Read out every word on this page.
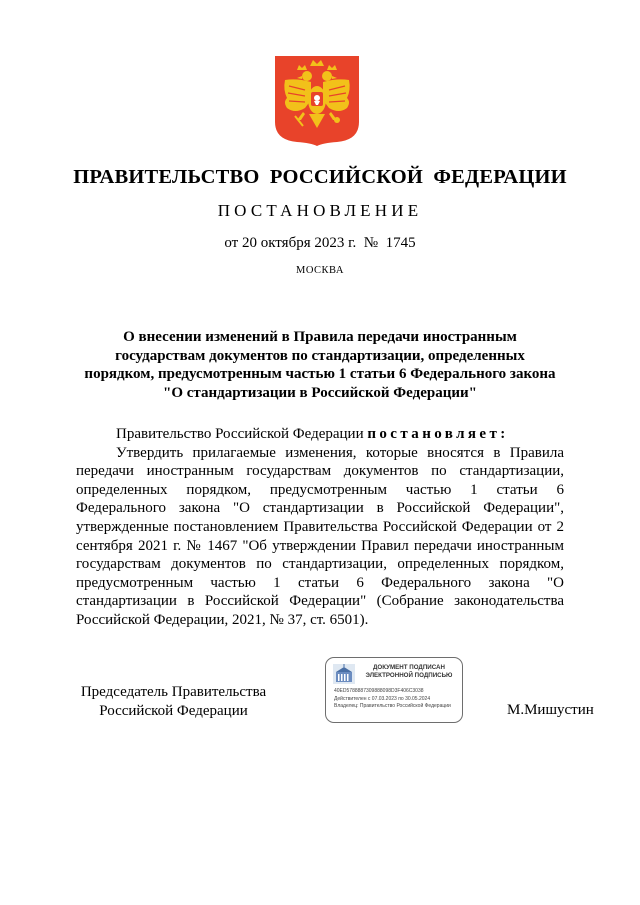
ПРАВИТЕЛЬСТВО РОССИЙСКОЙ ФЕДЕРАЦИИ
ПОСТАНОВЛЕНИЕ
от 20 октября 2023 г.  №  1745
МОСКВА
О внесении изменений в Правила передачи иностранным
государствам документов по стандартизации, определенных
порядком, предусмотренным частью 1 статьи 6 Федерального закона
"О стандартизации в Российской Федерации"

Правительство Российской Федерации постановляет:

Утвердить прилагаемые изменения, которые вносятся в Правила передачи иностранным государствам документов по стандартизации, определенных порядком, предусмотренным частью 1 статьи 6 Федерального закона "О стандартизации в Российской Федерации", утвержденные постановлением Правительства Российской Федерации от 2 сентября 2021 г. № 1467 "Об утверждении Правил передачи иностранным государствам документов по стандартизации, определенных порядком, предусмотренным частью 1 статьи 6 Федерального закона "О стандартизации в Российской Федерации" (Собрание законодательства Российской Федерации, 2021, № 37, ст. 6501).

Председатель Правительства
Российской Федерации
ДОКУМЕНТ ПОДПИСАН
ЭЛЕКТРОННОЙ ПОДПИСЬЮ
40ED5788887309888098D3F406C3038
Действителен с 07.03.2023 по 30.05.2024
Владелец: Правительство Российской Федерации	М.Мишустин
